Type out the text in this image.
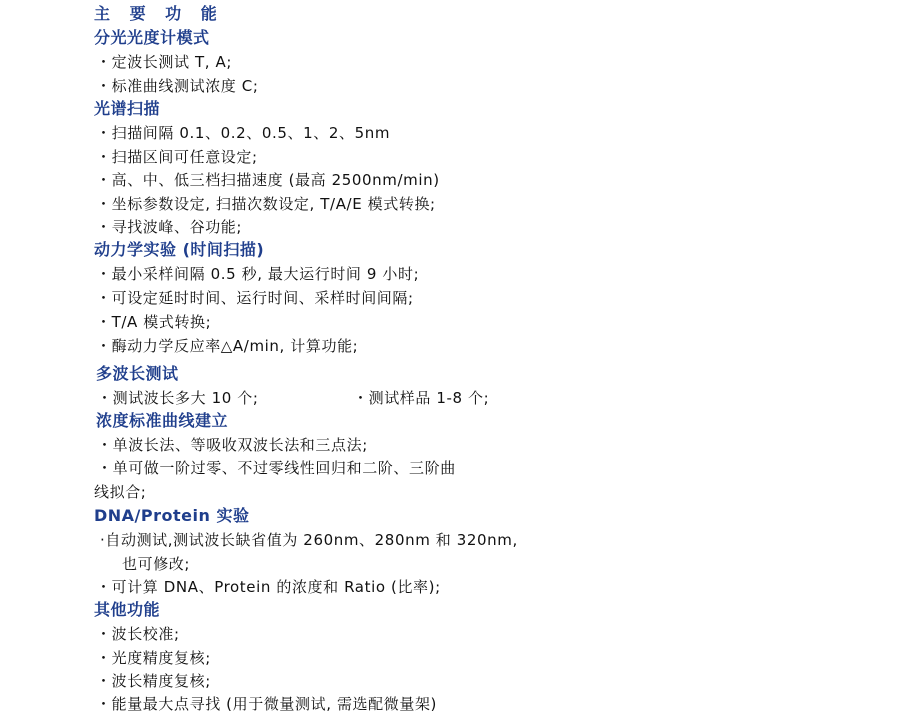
主 要 功 能
分光光度计模式
・定波长测试 T, A;
・标准曲线测试浓度 C;
光谱扫描
・扫描间隔 0.1、0.2、0.5、1、2、5nm
・扫描区间可任意设定;
・高、中、低三档扫描速度 (最高 2500nm/min)
・坐标参数设定, 扫描次数设定, T/A/E 模式转换;
・寻找波峰、谷功能;
动力学实验 (时间扫描)
・最小采样间隔 0.5 秒, 最大运行时间 9 小时;
・可设定延时时间、运行时间、采样时间间隔;
・T/A 模式转换;
・酶动力学反应率△A/min, 计算功能;
多波长测试
・测试波长多大 10 个;	・测试样品 1-8 个;
浓度标准曲线建立
・单波长法、等吸收双波长法和三点法;
・单可做一阶过零、不过零线性回归和二阶、三阶曲
线拟合;
DNA/Protein 实验
·自动测试,测试波长缺省值为 260nm、280nm 和 320nm,
也可修改;
・可计算 DNA、Protein 的浓度和 Ratio (比率);
其他功能
・波长校准;
・光度精度复核;
・波长精度复核;
・能量最大点寻找 (用于微量测试, 需选配微量架)
